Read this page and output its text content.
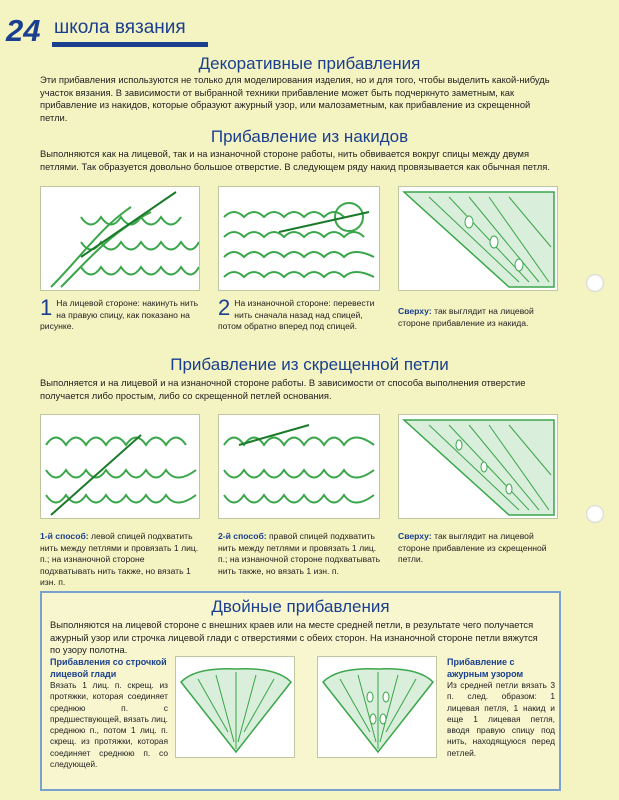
24 школа вязания
Декоративные прибавления
Эти прибавления используются не только для моделирования изделия, но и для того, чтобы выделить какой-нибудь участок вязания. В зависимости от выбранной техники прибавление может быть подчеркнуто заметным, как прибавление из накидов, которые образуют ажурный узор, или малозаметным, как прибавление из скрещенной петли.
Прибавление из накидов
Выполняются как на лицевой, так и на изнаночной стороне работы, нить обвивается вокруг спицы между двумя петлями. Так образуется довольно большое отверстие. В следующем ряду накид провязывается как обычная петля.
1 На лицевой стороне: накинуть нить на правую спицу, как показано на рисунке.
2 На изнаночной стороне: перевести нить сначала назад над спицей, потом обратно вперед под спицей.
Сверху: так выглядит на лицевой стороне прибавление из накида.
Прибавление из скрещенной петли
Выполняется и на лицевой и на изнаночной стороне работы. В зависимости от способа выполнения отверстие получается либо простым, либо со скрещенной петлей основания.
1-й способ: левой спицей подхватить нить между петлями и провязать 1 лиц. п.; на изнаночной стороне подхватывать нить также, но вязать 1 изн. п.
2-й способ: правой спицей подхватить нить между петлями и провязать 1 лиц. п.; на изнаночной стороне подхватывать нить также, но вязать 1 изн. п.
Сверху: так выглядит на лицевой стороне прибавление из скрещенной петли.
Двойные прибавления
Выполняются на лицевой стороне с внешних краев или на месте средней петли, в результате чего получается ажурный узор или строчка лицевой глади с отверстиями с обеих сторон. На изнаночной стороне петли вяжутся по узору полотна.
Прибавления со строчкой лицевой глади
Вязать 1 лиц. п. скрещ. из протяжки, которая соединяет среднюю п. с предшествующей, вязать лиц. среднюю п., потом 1 лиц. п. скрещ. из протяжки, которая соединяет среднюю п. со следующей.
Прибавление с ажурным узором
Из средней петли вязать 3 п. след. образом: 1 лицевая петля, 1 накид и еще 1 лицевая петля, вводя правую спицу под нить, находящуюся перед петлей.
